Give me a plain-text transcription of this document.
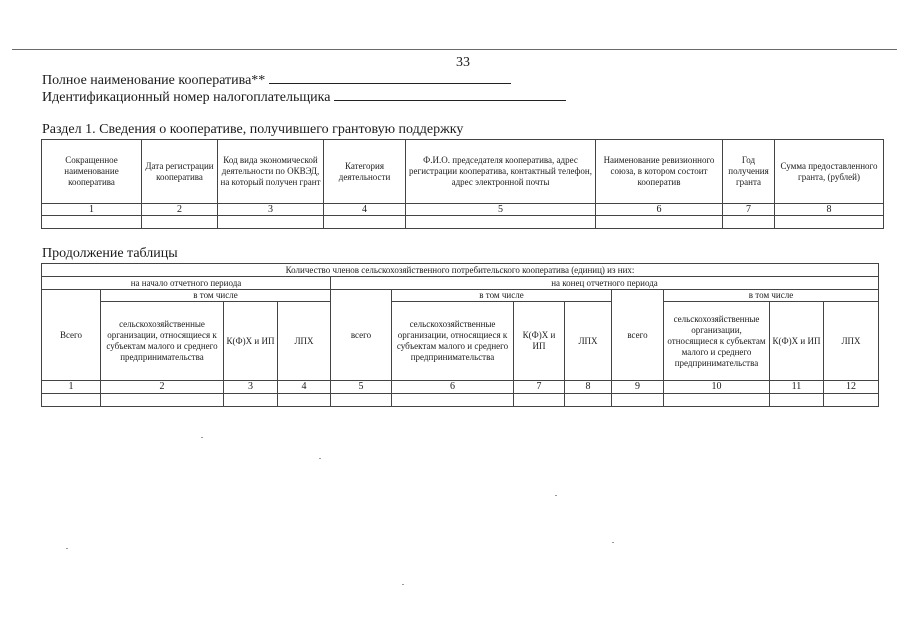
33
Полное наименование кооператива**
Идентификационный номер налогоплательщика
Раздел 1. Сведения о кооперативе, получившего грантовую поддержку
Сокращенное наименование кооператива	Дата регистрации кооператива	Код вида экономической деятельности по ОКВЭД, на который получен грант	Категория деятельности	Ф.И.О. председателя кооператива, адрес регистрации кооператива, контактный телефон, адрес электронной почты	Наименование ревизионного союза, в котором состоит кооператив	Год получения гранта	Сумма предоставленного гранта, (рублей)
1	2	3	4	5	6	7	8

Продолжение таблицы
Количество членов сельскохозяйственного потребительского кооператива (единиц) из них:											
на начало отчетного периода				на конец отчетного периода							
Всего	в том числе			всего	в том числе			всего	в том числе		
	сельскохозяйственные организации, относящиеся к субъектам малого и среднего предпринимательства	К(Ф)Х и ИП	ЛПХ		сельскохозяйственные организации, относящиеся к субъектам малого и среднего предпринимательства	К(Ф)Х и ИП	ЛПХ		сельскохозяйственные организации, относящиеся к субъектам малого и среднего предпринимательства	К(Ф)Х и ИП	ЛПХ
1	2	3	4	5	6	7	8	9	10	11	12
